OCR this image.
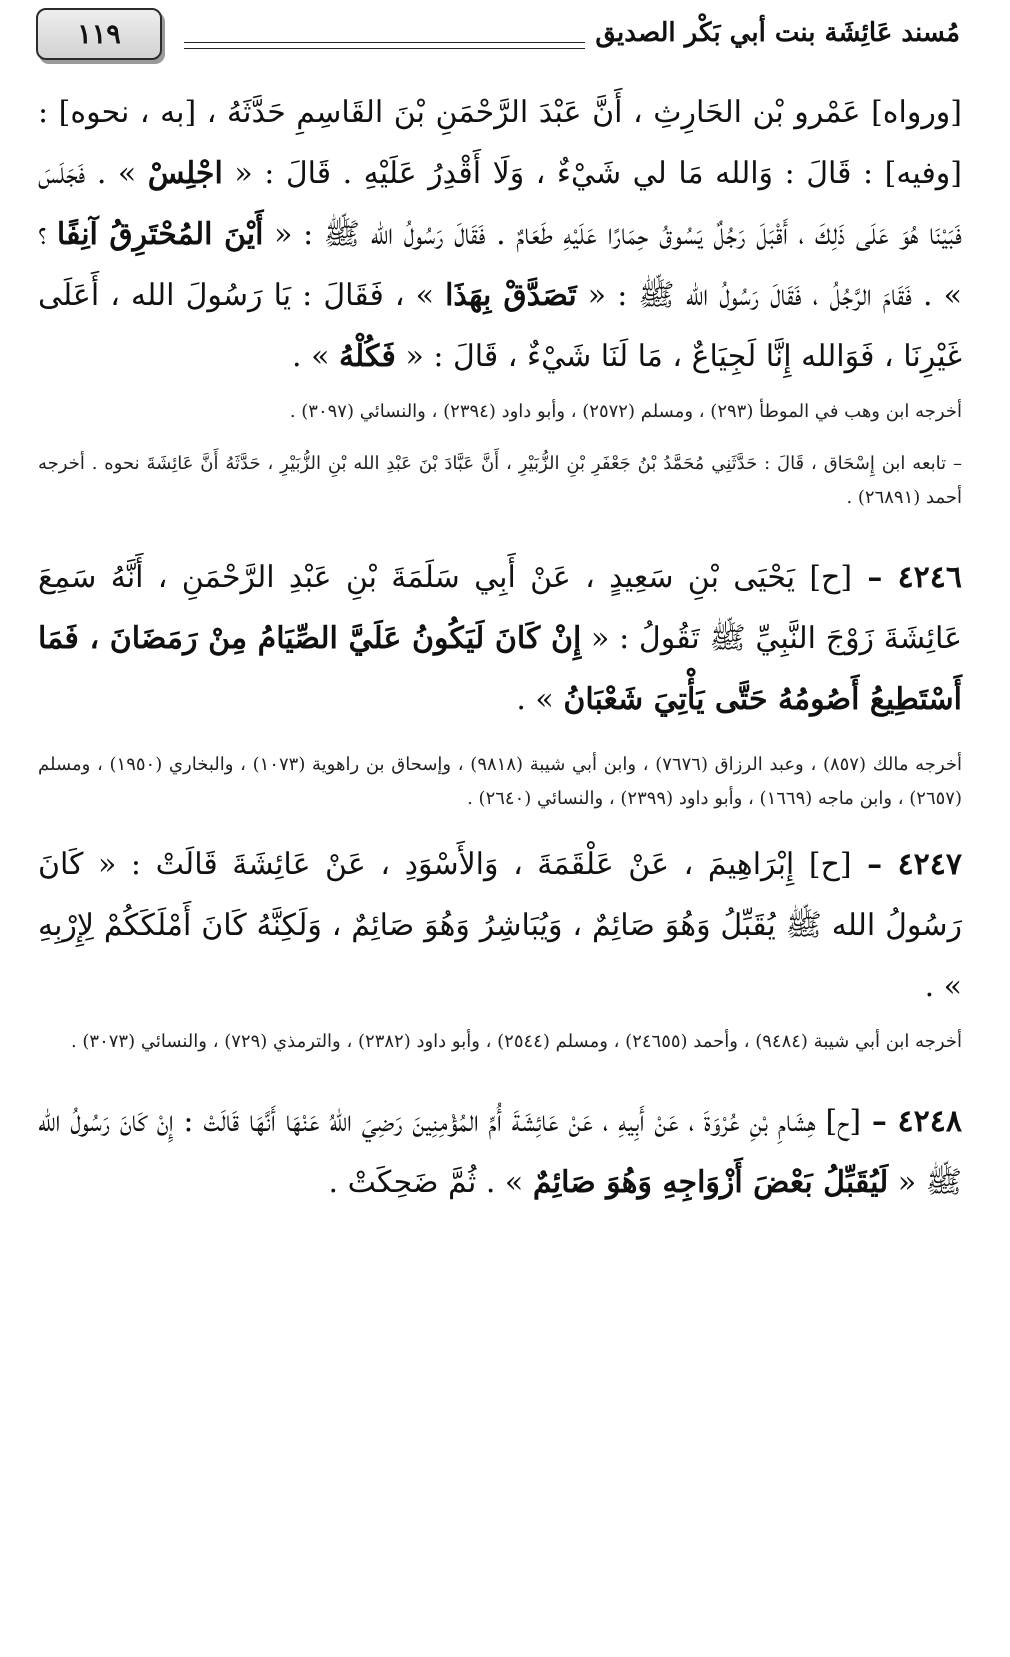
١١٩	مُسند عَائِشَة بنت أبي بَكْر الصديق

[ورواه] عَمْرو بْن الحَارِثِ ، أَنَّ عَبْدَ الرَّحْمَنِ بْنَ القَاسِمِ حَدَّثَهُ ، [به ، نحوه] : [وفيه] : قَالَ : وَالله مَا لي شَيْءٌ ، وَلَا أَقْدِرُ عَلَيْهِ . قَالَ : « اجْلِسْ » . فَجَلَسَ فَبَيْنَا هُوَ عَلَى ذَلِكَ ، أَقْبَلَ رَجُلٌ يَسُوقُ حِمَارًا عَلَيْهِ طَعَامٌ . فَقَالَ رَسُولُ الله ﷺ : « أَيْنَ المُحْتَرِقُ آنِفًا ؟ » . فَقَامَ الرَّجُلُ ، فَقَالَ رَسُولُ الله ﷺ : « تَصَدَّقْ بِهَذَا » ، فَقَالَ : يَا رَسُولَ الله ، أَعَلَى غَيْرِنَا ، فَوَالله إِنَّا لَجِيَاعٌ ، مَا لَنَا شَيْءٌ ، قَالَ : « فَكُلْهُ » .

أخرجه ابن وهب في الموطأ (٢٩٣) ، ومسلم (٢٥٧٢) ، وأبو داود (٢٣٩٤) ، والنسائي (٣٠٩٧) .

– تابعه ابن إِسْحَاق ، قَالَ : حَدَّثَنِي مُحَمَّدُ بْنُ جَعْفَرِ بْنِ الزُّبَيْرِ ، أَنَّ عَبَّادَ بْنَ عَبْدِ الله بْنِ الزُّبَيْرِ ، حَدَّثَهُ أَنَّ عَائِشَةَ نحوه . أخرجه أحمد (٢٦٨٩١) .

٤٢٤٦ – [ح] يَحْيَى بْنِ سَعِيدٍ ، عَنْ أَبِي سَلَمَةَ بْنِ عَبْدِ الرَّحْمَنِ ، أَنَّهُ سَمِعَ عَائِشَةَ زَوْجَ النَّبِيِّ ﷺ تَقُولُ : « إِنْ كَانَ لَيَكُونُ عَلَيَّ الصِّيَامُ مِنْ رَمَضَانَ ، فَمَا أَسْتَطِيعُ أَصُومُهُ حَتَّى يَأْتِيَ شَعْبَانُ » .

أخرجه مالك (٨٥٧) ، وعبد الرزاق (٧٦٧٦) ، وابن أبي شيبة (٩٨١٨) ، وإسحاق بن راهوية (١٠٧٣) ، والبخاري (١٩٥٠) ، ومسلم (٢٦٥٧) ، وابن ماجه (١٦٦٩) ، وأبو داود (٢٣٩٩) ، والنسائي (٢٦٤٠) .

٤٢٤٧ – [ح] إِبْرَاهِيمَ ، عَنْ عَلْقَمَةَ ، وَالأَسْوَدِ ، عَنْ عَائِشَةَ قَالَتْ : « كَانَ رَسُولُ الله ﷺ يُقَبِّلُ وَهُوَ صَائِمٌ ، وَيُبَاشِرُ وَهُوَ صَائِمٌ ، وَلَكِنَّهُ كَانَ أَمْلَكَكُمْ لِإِرْبِهِ » .

أخرجه ابن أبي شيبة (٩٤٨٤) ، وأحمد (٢٤٦٥٥) ، ومسلم (٢٥٤٤) ، وأبو داود (٢٣٨٢) ، والترمذي (٧٢٩) ، والنسائي (٣٠٧٣) .

٤٢٤٨ – [ح] هِشَامِ بْنِ عُرْوَةَ ، عَنْ أَبِيهِ ، عَنْ عَائِشَةَ أُمِّ المُؤْمِنِينَ رَضِيَ اللهُ عَنْهَا أَنَّهَا قَالَتْ : إِنْ كَانَ رَسُولُ الله ﷺ « لَيُقَبِّلُ بَعْضَ أَزْوَاجِهِ وَهُوَ صَائِمٌ » . ثُمَّ ضَحِكَتْ .
